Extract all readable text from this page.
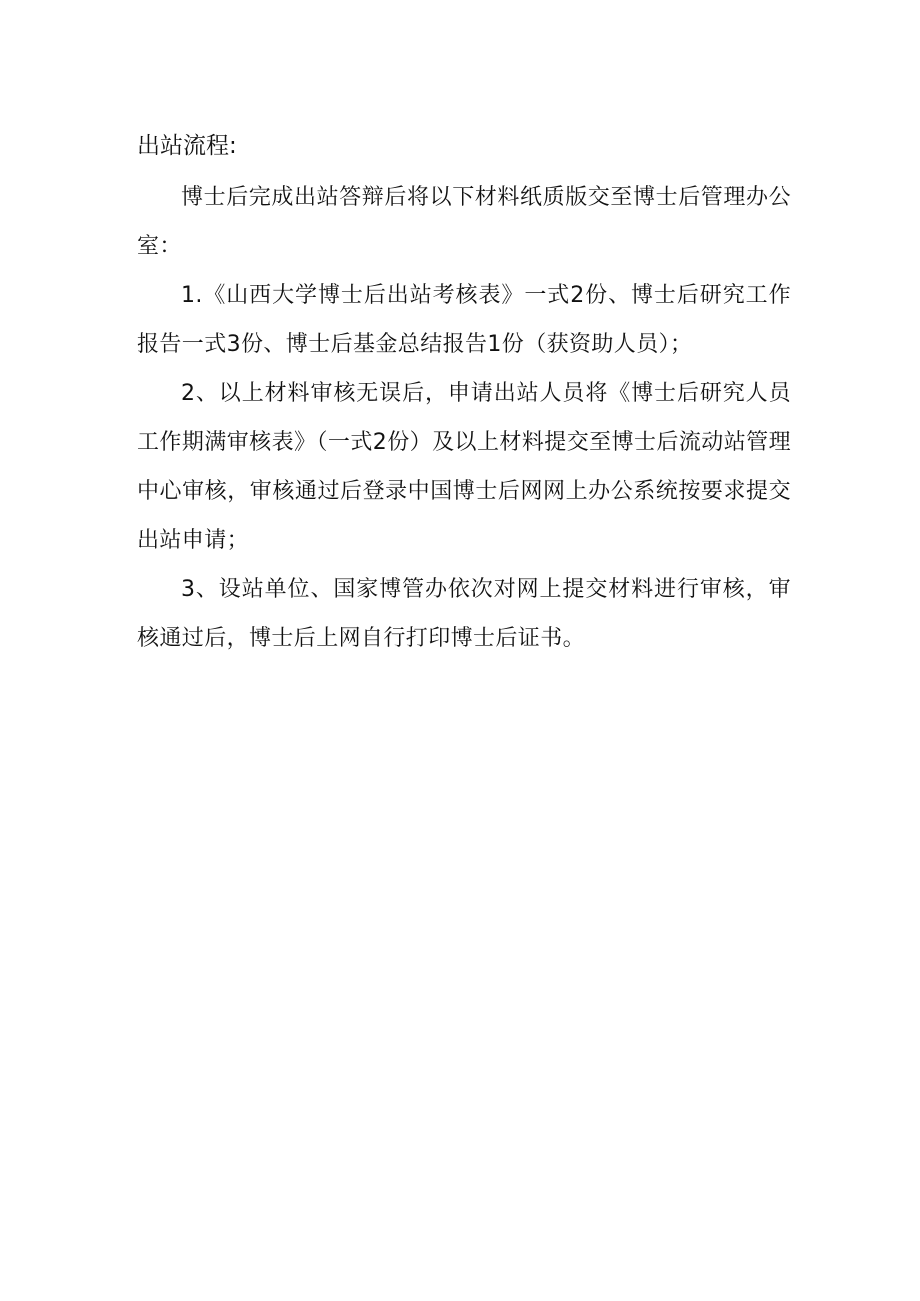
出站流程:

博士后完成出站答辩后将以下材料纸质版交至博士后管理办公室：

1.《山西大学博士后出站考核表》一式2份、博士后研究工作报告一式3份、博士后基金总结报告1份（获资助人员）；

2、以上材料审核无误后，申请出站人员将《博士后研究人员工作期满审核表》（一式2份）及以上材料提交至博士后流动站管理中心审核，审核通过后登录中国博士后网网上办公系统按要求提交出站申请；

3、设站单位、国家博管办依次对网上提交材料进行审核，审核通过后，博士后上网自行打印博士后证书。
